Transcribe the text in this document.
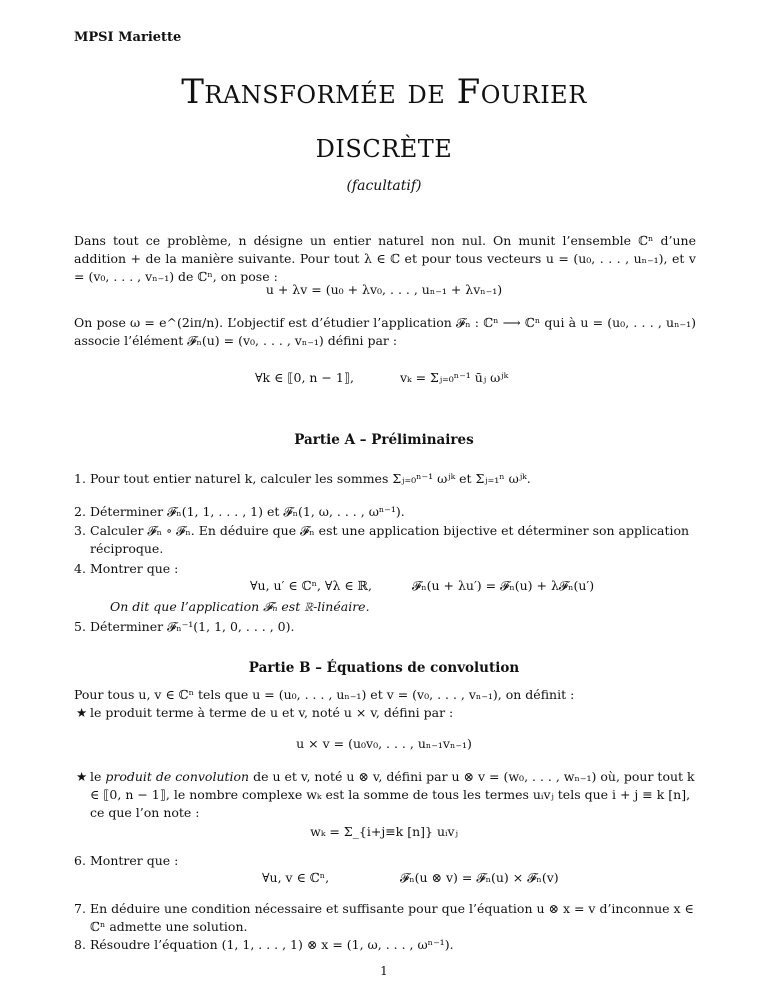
MPSI Mariette
Transformée de Fourier
discrète
(facultatif)
Dans tout ce problème, n désigne un entier naturel non nul. On munit l’ensemble ℂⁿ d’une addition + de la manière suivante. Pour tout λ ∈ ℂ et pour tous vecteurs u = (u₀, . . . , uₙ₋₁), et v = (v₀, . . . , vₙ₋₁) de ℂⁿ, on pose :
u + λv = (u₀ + λv₀, . . . , uₙ₋₁ + λvₙ₋₁)
On pose ω = e^(2iπ/n). L’objectif est d’étudier l’application 𝓕ₙ : ℂⁿ ⟶ ℂⁿ qui à u = (u₀, . . . , uₙ₋₁) associe l’élément 𝓕ₙ(u) = (v₀, . . . , vₙ₋₁) défini par :
∀k ∈ ⟦0, n − 1⟧,	vₖ = Σⱼ₌₀ⁿ⁻¹ ūⱼ ωʲᵏ
Partie A – Préliminaires
1. Pour tout entier naturel k, calculer les sommes Σⱼ₌₀ⁿ⁻¹ ωʲᵏ et Σⱼ₌₁ⁿ ωʲᵏ.
2. Déterminer 𝓕ₙ(1, 1, . . . , 1) et 𝓕ₙ(1, ω, . . . , ωⁿ⁻¹).
3. Calculer 𝓕ₙ ∘ 𝓕ₙ. En déduire que 𝓕ₙ est une application bijective et déterminer son application réciproque.
4. Montrer que :
∀u, u′ ∈ ℂⁿ, ∀λ ∈ ℝ,	𝓕ₙ(u + λu′) = 𝓕ₙ(u) + λ𝓕ₙ(u′)
On dit que l’application 𝓕ₙ est ℝ-linéaire.
5. Déterminer 𝓕ₙ⁻¹(1, 1, 0, . . . , 0).
Partie B – Équations de convolution
Pour tous u, v ∈ ℂⁿ tels que u = (u₀, . . . , uₙ₋₁) et v = (v₀, . . . , vₙ₋₁), on définit :
★ le produit terme à terme de u et v, noté u × v, défini par :
u × v = (u₀v₀, . . . , uₙ₋₁vₙ₋₁)
★ le produit de convolution de u et v, noté u ⊗ v, défini par u ⊗ v = (w₀, . . . , wₙ₋₁) où, pour tout k ∈ ⟦0, n − 1⟧, le nombre complexe wₖ est la somme de tous les termes uᵢvⱼ tels que i + j ≡ k [n], ce que l’on note :
wₖ = Σ_{i+j≡k [n]} uᵢvⱼ
6. Montrer que :
∀u, v ∈ ℂⁿ,	𝓕ₙ(u ⊗ v) = 𝓕ₙ(u) × 𝓕ₙ(v)
7. En déduire une condition nécessaire et suffisante pour que l’équation u ⊗ x = v d’inconnue x ∈ ℂⁿ admette une solution.
8. Résoudre l’équation (1, 1, . . . , 1) ⊗ x = (1, ω, . . . , ωⁿ⁻¹).
1
